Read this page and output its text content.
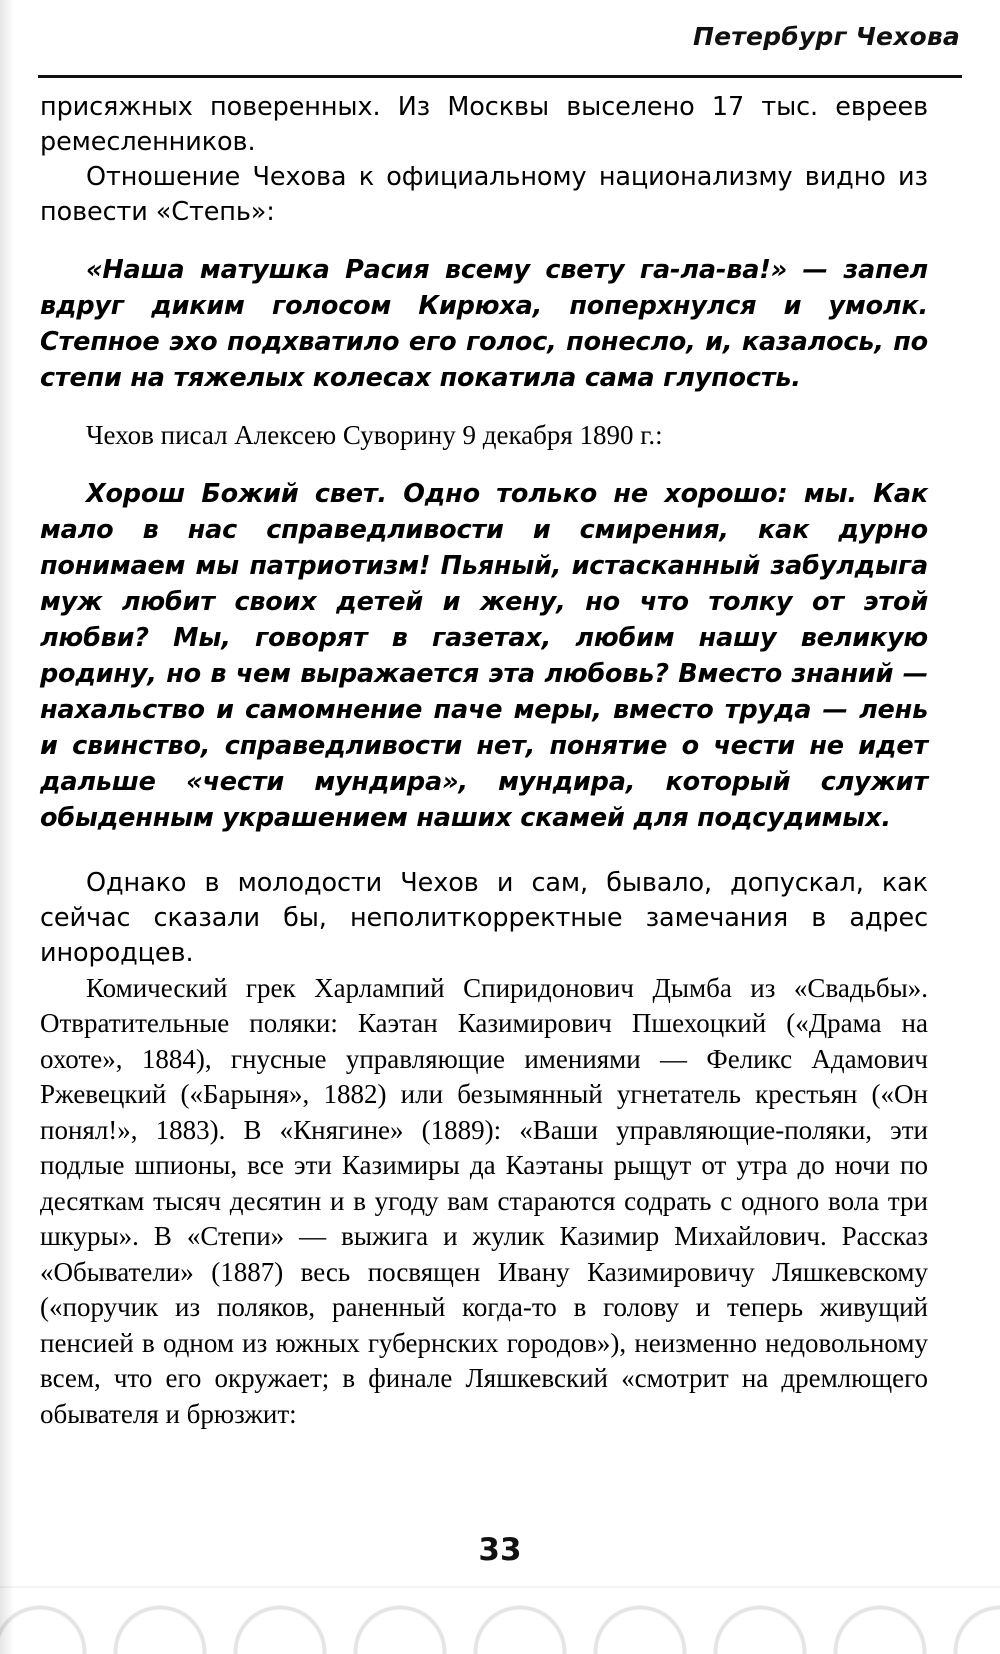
Петербург Чехова

присяжных поверенных. Из Москвы выселено 17 тыс. евреев ремесленников.

Отношение Чехова к официальному национализму видно из повести «Степь»:

«Наша матушка Расия всему свету га-ла-ва!» — запел вдруг диким голосом Кирюха, поперхнулся и умолк. Степное эхо подхватило его голос, понесло, и, казалось, по степи на тяжелых колесах покатила сама глупость.

Чехов писал Алексею Суворину 9 декабря 1890 г.:

Хорош Божий свет. Одно только не хорошо: мы. Как мало в нас справедливости и смирения, как дурно понимаем мы патриотизм! Пьяный, истасканный забулдыга муж любит своих детей и жену, но что толку от этой любви? Мы, говорят в газетах, любим нашу великую родину, но в чем выражается эта любовь? Вместо знаний — нахальство и самомнение паче меры, вместо труда — лень и свинство, справедливости нет, понятие о чести не идет дальше «чести мундира», мундира, который служит обыденным украшением наших скамей для подсудимых.

Однако в молодости Чехов и сам, бывало, допускал, как сейчас сказали бы, неполиткорректные замечания в адрес инородцев.

Комический грек Харлампий Спиридонович Дымба из «Свадьбы». Отвратительные поляки: Каэтан Казимирович Пшехоцкий («Драма на охоте», 1884), гнусные управляющие имениями — Феликс Адамович Ржевецкий («Барыня», 1882) или безымянный угнетатель крестьян («Он понял!», 1883). В «Княгине» (1889): «Ваши управляющие-поляки, эти подлые шпионы, все эти Казимиры да Каэтаны рыщут от утра до ночи по десяткам тысяч десятин и в угоду вам стараются содрать с одного вола три шкуры». В «Степи» — выжига и жулик Казимир Михайлович. Рассказ «Обыватели» (1887) весь посвящен Ивану Казимировичу Ляшкевскому («поручик из поляков, раненный когда-то в голову и теперь живущий пенсией в одном из южных губернских городов»), неизменно недовольному всем, что его окружает; в финале Ляшкевский «смотрит на дремлющего обывателя и брюзжит:

33
